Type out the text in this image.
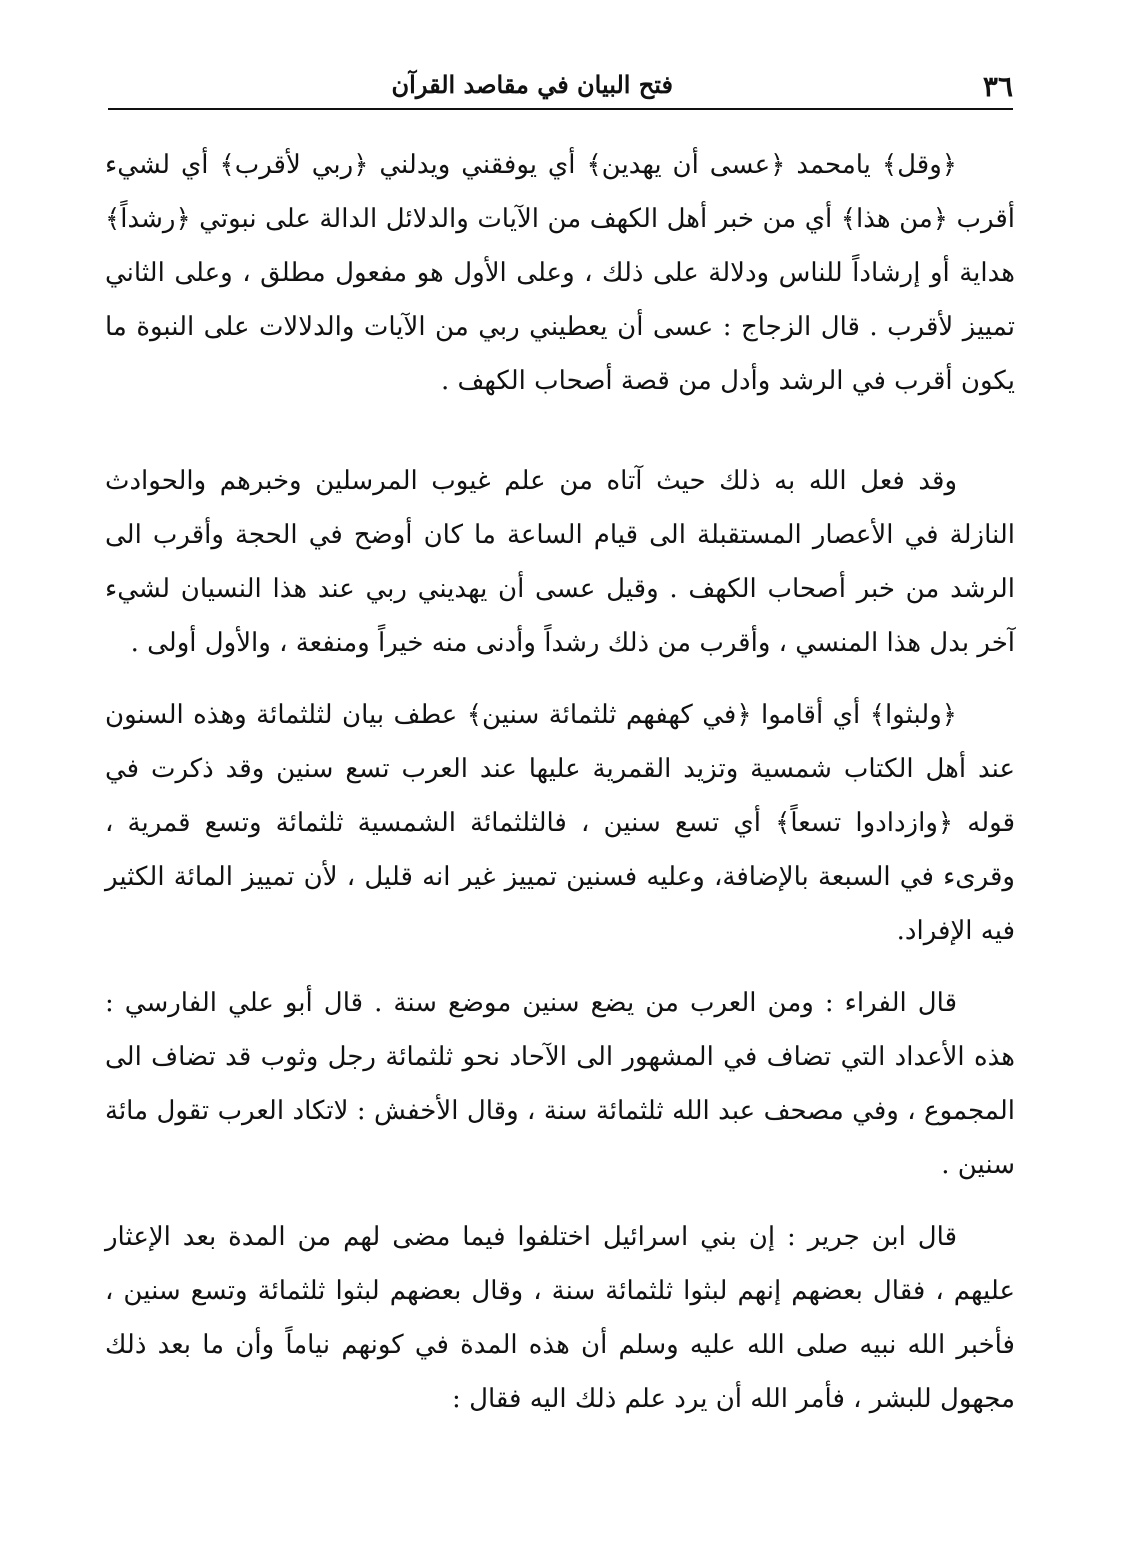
٣٦
فتح البيان في مقاصد القرآن

﴿وقل﴾ يامحمد ﴿عسى أن يهدين﴾ أي يوفقني ويدلني ﴿ربي لأقرب﴾ أي لشيء أقرب ﴿من هذا﴾ أي من خبر أهل الكهف من الآيات والدلائل الدالة على نبوتي ﴿رشداً﴾ هداية أو إرشاداً للناس ودلالة على ذلك ، وعلى الأول هو مفعول مطلق ، وعلى الثاني تمييز لأقرب . قال الزجاج : عسى أن يعطيني ربي من الآيات والدلالات على النبوة ما يكون أقرب في الرشد وأدل من قصة أصحاب الكهف .

وقد فعل الله به ذلك حيث آتاه من علم غيوب المرسلين وخبرهم والحوادث النازلة في الأعصار المستقبلة الى قيام الساعة ما كان أوضح في الحجة وأقرب الى الرشد من خبر أصحاب الكهف . وقيل عسى أن يهديني ربي عند هذا النسيان لشيء آخر بدل هذا المنسي ، وأقرب من ذلك رشداً وأدنى منه خيراً ومنفعة ، والأول أولى .

﴿ولبثوا﴾ أي أقاموا ﴿في كهفهم ثلثمائة سنين﴾ عطف بيان لثلثمائة وهذه السنون عند أهل الكتاب شمسية وتزيد القمرية عليها عند العرب تسع سنين وقد ذكرت في قوله ﴿وازدادوا تسعاً﴾ أي تسع سنين ، فالثلثمائة الشمسية ثلثمائة وتسع قمرية ، وقرىء في السبعة بالإضافة، وعليه فسنين تمييز غير انه قليل ، لأن تمييز المائة الكثير فيه الإفراد.

قال الفراء : ومن العرب من يضع سنين موضع سنة . قال أبو علي الفارسي : هذه الأعداد التي تضاف في المشهور الى الآحاد نحو ثلثمائة رجل وثوب قد تضاف الى المجموع ، وفي مصحف عبد الله ثلثمائة سنة ، وقال الأخفش : لاتكاد العرب تقول مائة سنين .

قال ابن جرير : إن بني اسرائيل اختلفوا فيما مضى لهم من المدة بعد الإعثار عليهم ، فقال بعضهم إنهم لبثوا ثلثمائة سنة ، وقال بعضهم لبثوا ثلثمائة وتسع سنين ، فأخبر الله نبيه صلى الله عليه وسلم أن هذه المدة في كونهم نياماً وأن ما بعد ذلك مجهول للبشر ، فأمر الله أن يرد علم ذلك اليه فقال :
